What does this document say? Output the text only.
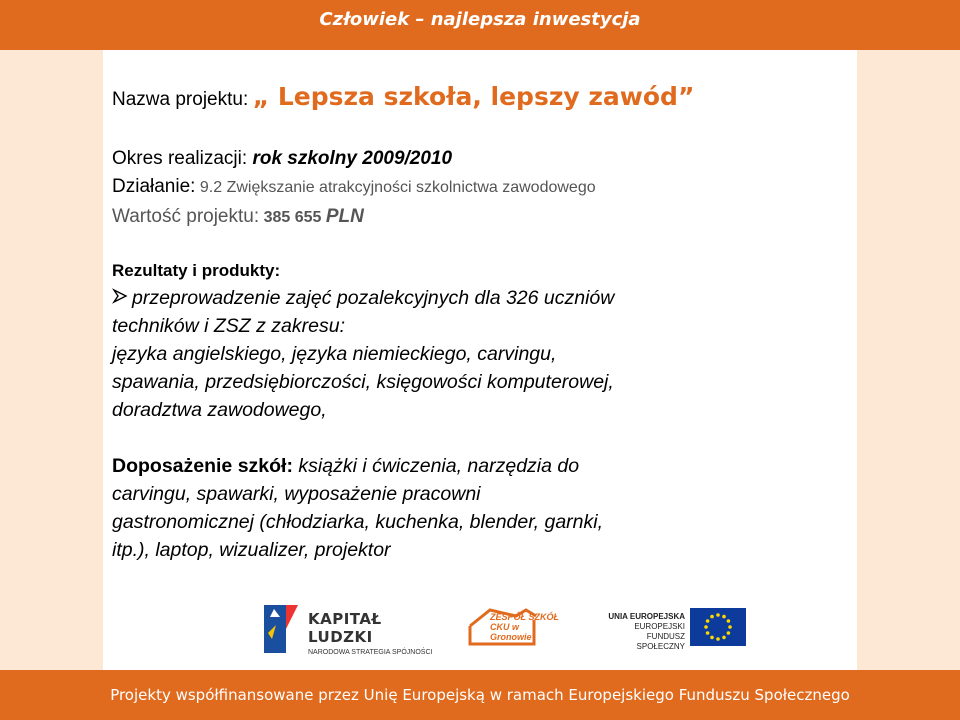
Człowiek – najlepsza inwestycja
Nazwa projektu: „ Lepsza szkoła, lepszy zawód”
Okres realizacji: rok szkolny 2009/2010
Działanie: 9.2 Zwiększanie atrakcyjności szkolnictwa zawodowego
Wartość projektu: 385 655 PLN
Rezultaty i produkty:
przeprowadzenie zajęć pozalekcyjnych dla 326 uczniów
techników i ZSZ z zakresu:
języka angielskiego, języka niemieckiego, carvingu,
spawania, przedsiębiorczości, księgowości komputerowej,
doradztwa zawodowego,
Doposażenie szkół: książki i ćwiczenia, narzędzia do
carvingu, spawarki, wyposażenie pracowni
gastronomicznej (chłodziarka, kuchenka, blender, garnki,
itp.), laptop, wizualizer, projektor
KAPITAŁ LUDZKI
NARODOWA STRATEGIA SPÓJNOŚCI
ZESPÓŁ SZKÓŁ
CKU w Gronowie
UNIA EUROPEJSKA
EUROPEJSKI
FUNDUSZ SPOŁECZNY
Projekty współfinansowane przez Unię Europejską w ramach Europejskiego Funduszu Społecznego
